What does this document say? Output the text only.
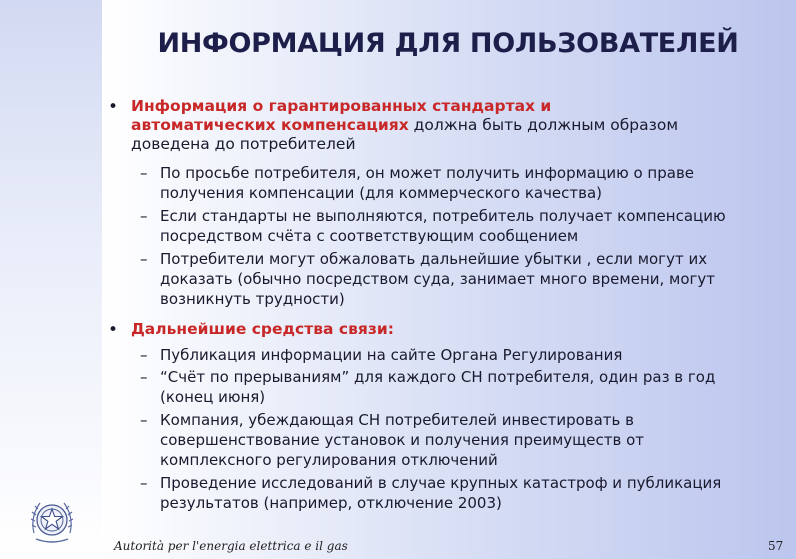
ИНФОРМАЦИЯ ДЛЯ ПОЛЬЗОВАТЕЛЕЙ
• Информация о гарантированных стандартах и
автоматических компенсациях должна быть должным образом
доведена до потребителей
– По просьбе потребителя, он может получить информацию о праве
получения компенсации (для коммерческого качества)
– Если стандарты не выполняются, потребитель получает компенсацию
посредством счёта с соответствующим сообщением
– Потребители могут обжаловать дальнейшие убытки , если могут их
доказать (обычно посредством суда, занимает много времени, могут
возникнуть трудности)
• Дальнейшие средства связи:
– Публикация информации на сайте Органа Регулирования
– “Счёт по прерываниям” для каждого СН потребителя, один раз в год
(конец июня)
– Компания, убеждающая СН потребителей инвестировать в
совершенствование установок и получения преимуществ от
комплексного регулирования отключений
– Проведение исследований в случае крупных катастроф и публикация
результатов (например, отключение 2003)
Autorità per l'energia elettrica e il gas	57
